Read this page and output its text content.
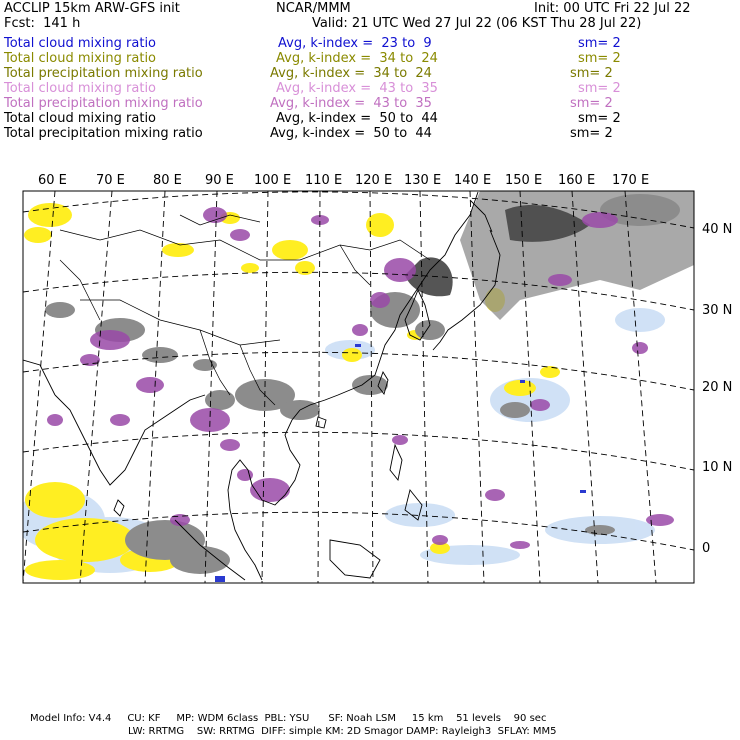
ACCLIP 15km ARW-GFS init	NCAR/MMM	Init: 00 UTC Fri 22 Jul 22
Fcst:  141 h	Valid: 21 UTC Wed 27 Jul 22 (06 KST Thu 28 Jul 22)
Total cloud mixing ratio	Avg, k-index =  23 to  9	sm= 2
Total cloud mixing ratio	Avg, k-index =  34 to  24	sm= 2
Total precipitation mixing ratio	Avg, k-index =  34 to  24	sm= 2
Total cloud mixing ratio	Avg, k-index =  43 to  35	sm= 2
Total precipitation mixing ratio	Avg, k-index =  43 to  35	sm= 2
Total cloud mixing ratio	Avg, k-index =  50 to  44	sm= 2
Total precipitation mixing ratio	Avg, k-index =  50 to  44	sm= 2
60 E 70 E 80 E 90 E 100 E 110 E 120 E 130 E 140 E 150 E 160 E 170 E
40 N
30 N
20 N
10 N
0
Model Info: V4.4     CU: KF     MP: WDM 6class  PBL: YSU      SF: Noah LSM     15 km    51 levels    90 sec
LW: RRTMG    SW: RRTMG  DIFF: simple KM: 2D Smagor DAMP: Rayleigh3  SFLAY: MM5
